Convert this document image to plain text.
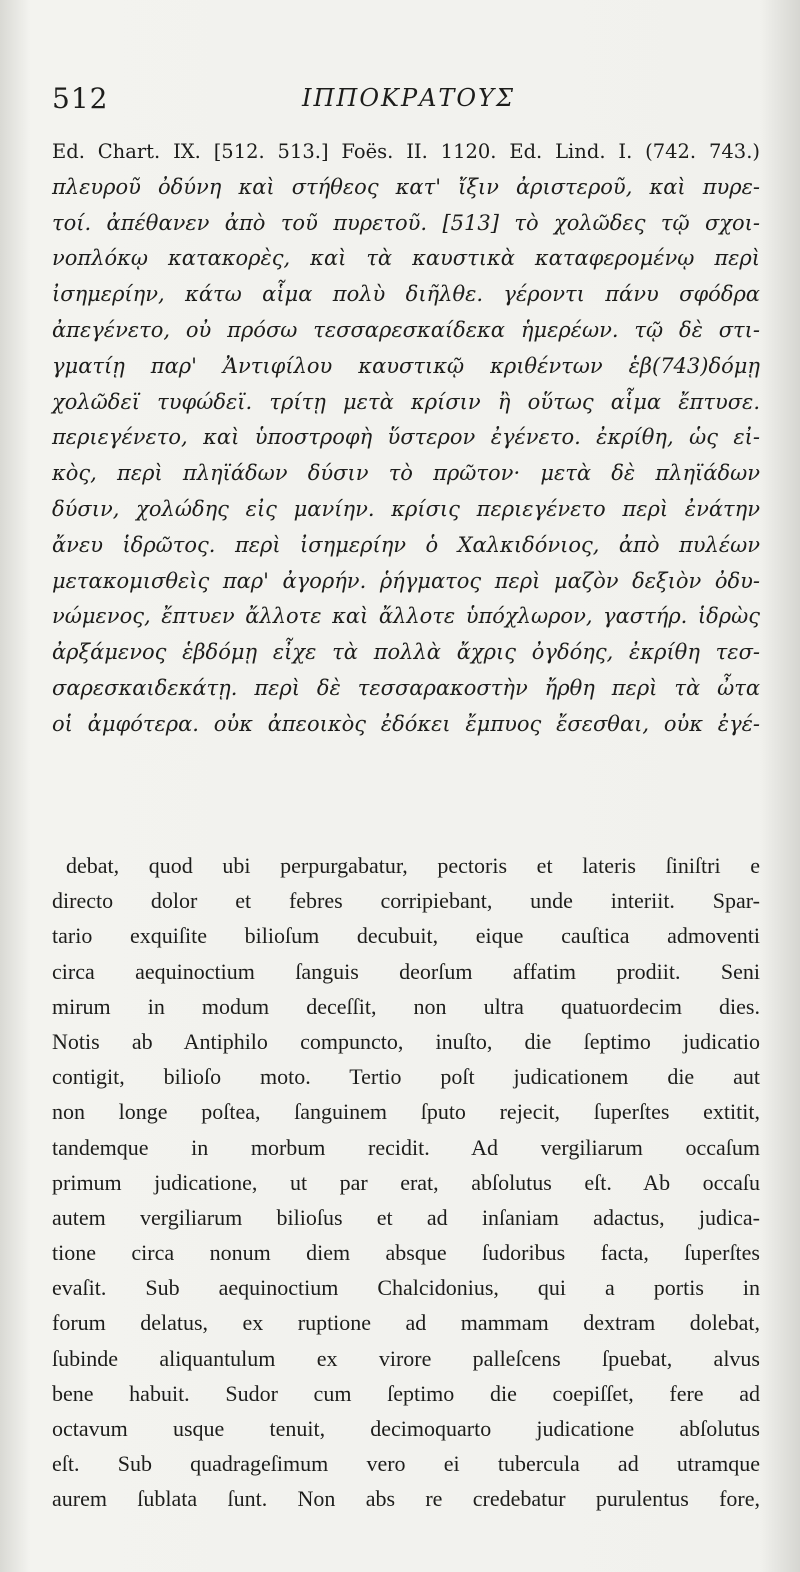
512	ΙΠΠΟΚΡΑΤΟΥΣ
Ed. Chart. IX. [512. 513.] Foës. II. 1120. Ed. Lind. I. (742. 743.)
πλευροῦ ὀδύνη καὶ στήθεος κατ' ἴξιν ἀριστεροῦ, καὶ πυρε-
τοί. ἀπέθανεν ἀπὸ τοῦ πυρετοῦ. [513] τὸ χολῶδες τῷ σχοι-
νοπλόκῳ κατακορὲς, καὶ τὰ καυστικὰ καταφερομένῳ περὶ
ἰσημερίην, κάτω αἷμα πολὺ διῆλθε. γέροντι πάνυ σφόδρα
ἀπεγένετο, οὐ πρόσω τεσσαρεσκαίδεκα ἡμερέων. τῷ δὲ στι-
γματίῃ παρ' Ἀντιφίλου καυστικῷ κριθέντων ἑβ(743)δόμῃ
χολῶδεϊ τυφώδεϊ. τρίτῃ μετὰ κρίσιν ἢ οὕτως αἷμα ἔπτυσε.
περιεγένετο, καὶ ὑποστροφὴ ὕστερον ἐγένετο. ἐκρίθη, ὡς εἰ-
κὸς, περὶ πληϊάδων δύσιν τὸ πρῶτον· μετὰ δὲ πληϊάδων
δύσιν, χολώδης εἰς μανίην. κρίσις περιεγένετο περὶ ἐνάτην
ἄνευ ἱδρῶτος. περὶ ἰσημερίην ὁ Χαλκιδόνιος, ἀπὸ πυλέων
μετακομισθεὶς παρ' ἀγορήν. ῥήγματος περὶ μαζὸν δεξιὸν ὀδυ-
νώμενος, ἔπτυεν ἄλλοτε καὶ ἄλλοτε ὑπόχλωρον, γαστήρ. ἱδρὼς
ἀρξάμενος ἑβδόμῃ εἶχε τὰ πολλὰ ἄχρις ὀγδόης, ἐκρίθη τεσ-
σαρεσκαιδεκάτῃ. περὶ δὲ τεσσαρακοστὴν ἤρθη περὶ τὰ ὦτα
οἱ ἀμφότερα. οὐκ ἀπεοικὸς ἐδόκει ἔμπυος ἔσεσθαι, οὐκ ἐγέ-
debat, quod ubi perpurgabatur, pectoris et lateris ſiniſtri e
directo dolor et febres corripiebant, unde interiit. Spar-
tario exquiſite bilioſum decubuit, eique cauſtica admoventi
circa aequinoctium ſanguis deorſum affatim prodiit. Seni
mirum in modum deceſſit, non ultra quatuordecim dies.
Notis ab Antiphilo compuncto, inuſto, die ſeptimo judicatio
contigit, bilioſo moto. Tertio poſt judicationem die aut
non longe poſtea, ſanguinem ſputo rejecit, ſuperſtes extitit,
tandemque in morbum recidit. Ad vergiliarum occaſum
primum judicatione, ut par erat, abſolutus eſt. Ab occaſu
autem vergiliarum bilioſus et ad inſaniam adactus, judica-
tione circa nonum diem absque ſudoribus facta, ſuperſtes
evaſit. Sub aequinoctium Chalcidonius, qui a portis in
forum delatus, ex ruptione ad mammam dextram dolebat,
ſubinde aliquantulum ex virore palleſcens ſpuebat, alvus
bene habuit. Sudor cum ſeptimo die coepiſſet, fere ad
octavum usque tenuit, decimoquarto judicatione abſolutus
eſt. Sub quadrageſimum vero ei tubercula ad utramque
aurem ſublata ſunt. Non abs re credebatur purulentus fore,
